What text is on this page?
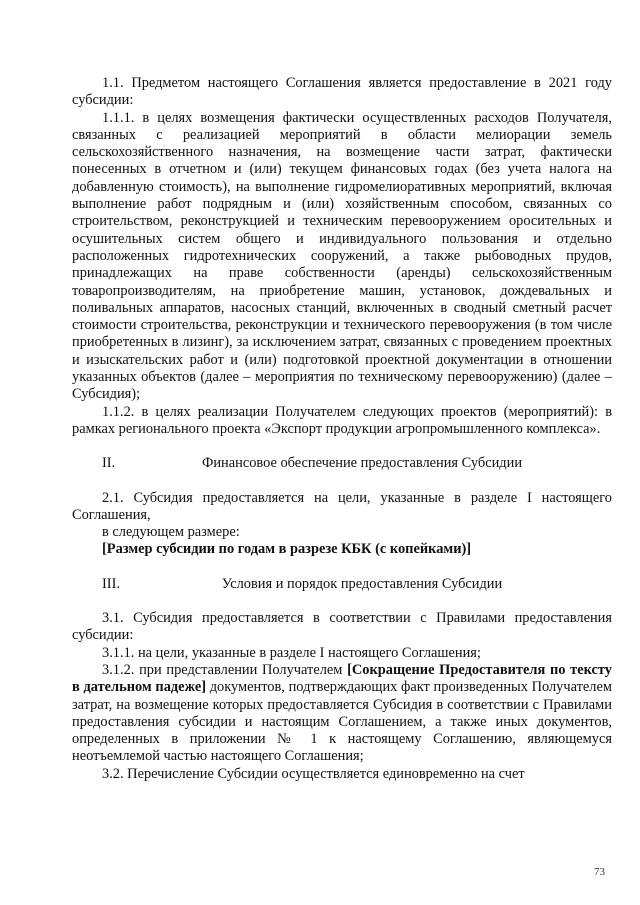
1.1. Предметом настоящего Соглашения является предоставление в 2021 году субсидии:

1.1.1. в целях возмещения фактически осуществленных расходов Получателя, связанных с реализацией мероприятий в области мелиорации земель сельскохозяйственного назначения, на возмещение части затрат, фактически понесенных в отчетном и (или) текущем финансовых годах (без учета налога на добавленную стоимость), на выполнение гидромелиоративных мероприятий, включая выполнение работ подрядным и (или) хозяйственным способом, связанных со строительством, реконструкцией и техническим перевооружением оросительных и осушительных систем общего и индивидуального пользования и отдельно расположенных гидротехнических сооружений, а также рыбоводных прудов, принадлежащих на праве собственности (аренды) сельскохозяйственным товаропроизводителям, на приобретение машин, установок, дождевальных и поливальных аппаратов, насосных станций, включенных в сводный сметный расчет стоимости строительства, реконструкции и технического перевооружения (в том числе приобретенных в лизинг), за исключением затрат, связанных с проведением проектных и изыскательских работ и (или) подготовкой проектной документации в отношении указанных объектов (далее – мероприятия по техническому перевооружению) (далее – Субсидия);

1.1.2. в целях реализации Получателем следующих проектов (мероприятий): в рамках регионального проекта «Экспорт продукции агропромышленного комплекса».

II.	Финансовое обеспечение предоставления Субсидии

2.1. Субсидия предоставляется на цели, указанные в разделе I настоящего Соглашения,

в следующем размере:

[Размер субсидии по годам в разрезе КБК (с копейками)]

III.	Условия и порядок предоставления Субсидии

3.1. Субсидия предоставляется в соответствии с Правилами предоставления субсидии:

3.1.1. на цели, указанные в разделе I настоящего Соглашения;

3.1.2. при представлении Получателем [Сокращение Предоставителя по тексту в дательном падеже] документов, подтверждающих факт произведенных Получателем затрат, на возмещение которых предоставляется Субсидия в соответствии с Правилами предоставления субсидии и настоящим Соглашением, а также иных документов, определенных в приложении № 1 к настоящему Соглашению, являющемуся неотъемлемой частью настоящего Соглашения;

3.2. Перечисление Субсидии осуществляется единовременно на счет

73
